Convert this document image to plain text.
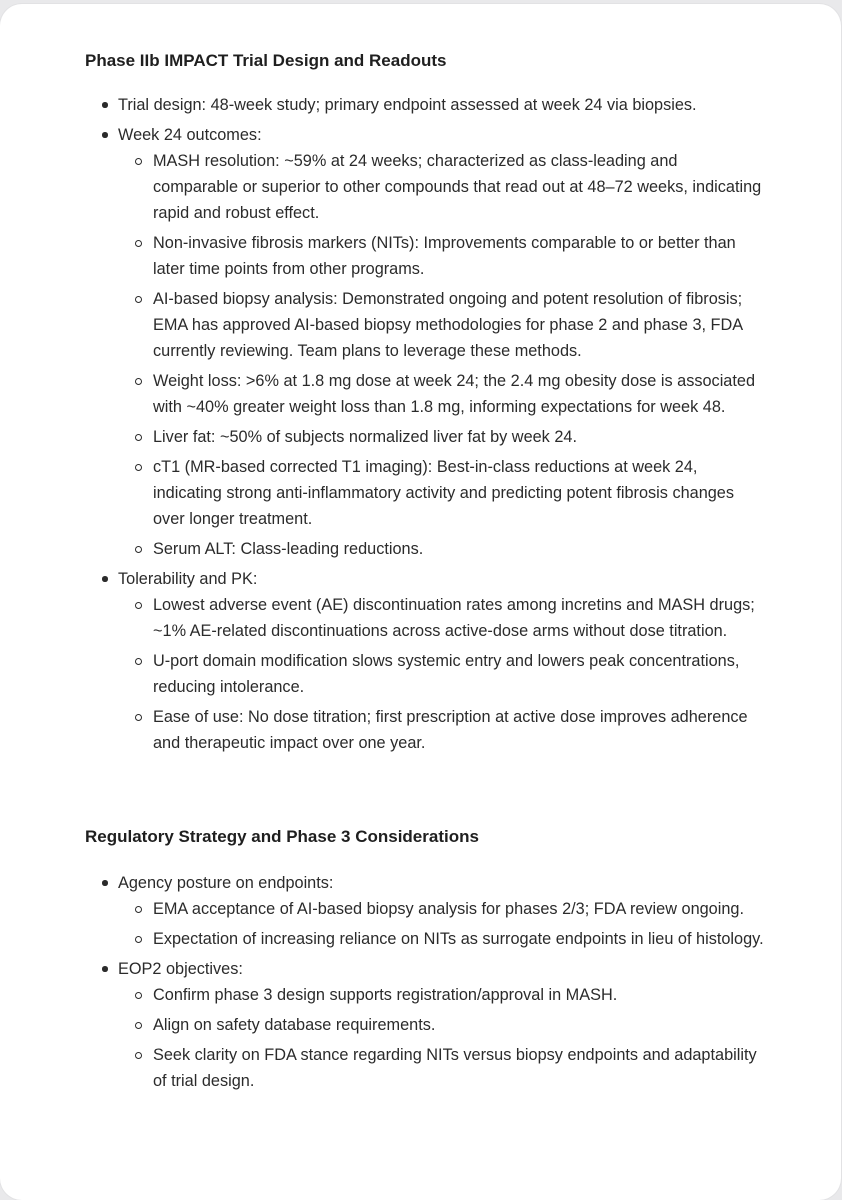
Phase IIb IMPACT Trial Design and Readouts
Trial design: 48-week study; primary endpoint assessed at week 24 via biopsies.
Week 24 outcomes:
MASH resolution: ~59% at 24 weeks; characterized as class-leading and comparable or superior to other compounds that read out at 48–72 weeks, indicating rapid and robust effect.
Non-invasive fibrosis markers (NITs): Improvements comparable to or better than later time points from other programs.
AI-based biopsy analysis: Demonstrated ongoing and potent resolution of fibrosis; EMA has approved AI-based biopsy methodologies for phase 2 and phase 3, FDA currently reviewing. Team plans to leverage these methods.
Weight loss: >6% at 1.8 mg dose at week 24; the 2.4 mg obesity dose is associated with ~40% greater weight loss than 1.8 mg, informing expectations for week 48.
Liver fat: ~50% of subjects normalized liver fat by week 24.
cT1 (MR-based corrected T1 imaging): Best-in-class reductions at week 24, indicating strong anti-inflammatory activity and predicting potent fibrosis changes over longer treatment.
Serum ALT: Class-leading reductions.
Tolerability and PK:
Lowest adverse event (AE) discontinuation rates among incretins and MASH drugs; ~1% AE-related discontinuations across active-dose arms without dose titration.
U-port domain modification slows systemic entry and lowers peak concentrations, reducing intolerance.
Ease of use: No dose titration; first prescription at active dose improves adherence and therapeutic impact over one year.
Regulatory Strategy and Phase 3 Considerations
Agency posture on endpoints:
EMA acceptance of AI-based biopsy analysis for phases 2/3; FDA review ongoing.
Expectation of increasing reliance on NITs as surrogate endpoints in lieu of histology.
EOP2 objectives:
Confirm phase 3 design supports registration/approval in MASH.
Align on safety database requirements.
Seek clarity on FDA stance regarding NITs versus biopsy endpoints and adaptability of trial design.
